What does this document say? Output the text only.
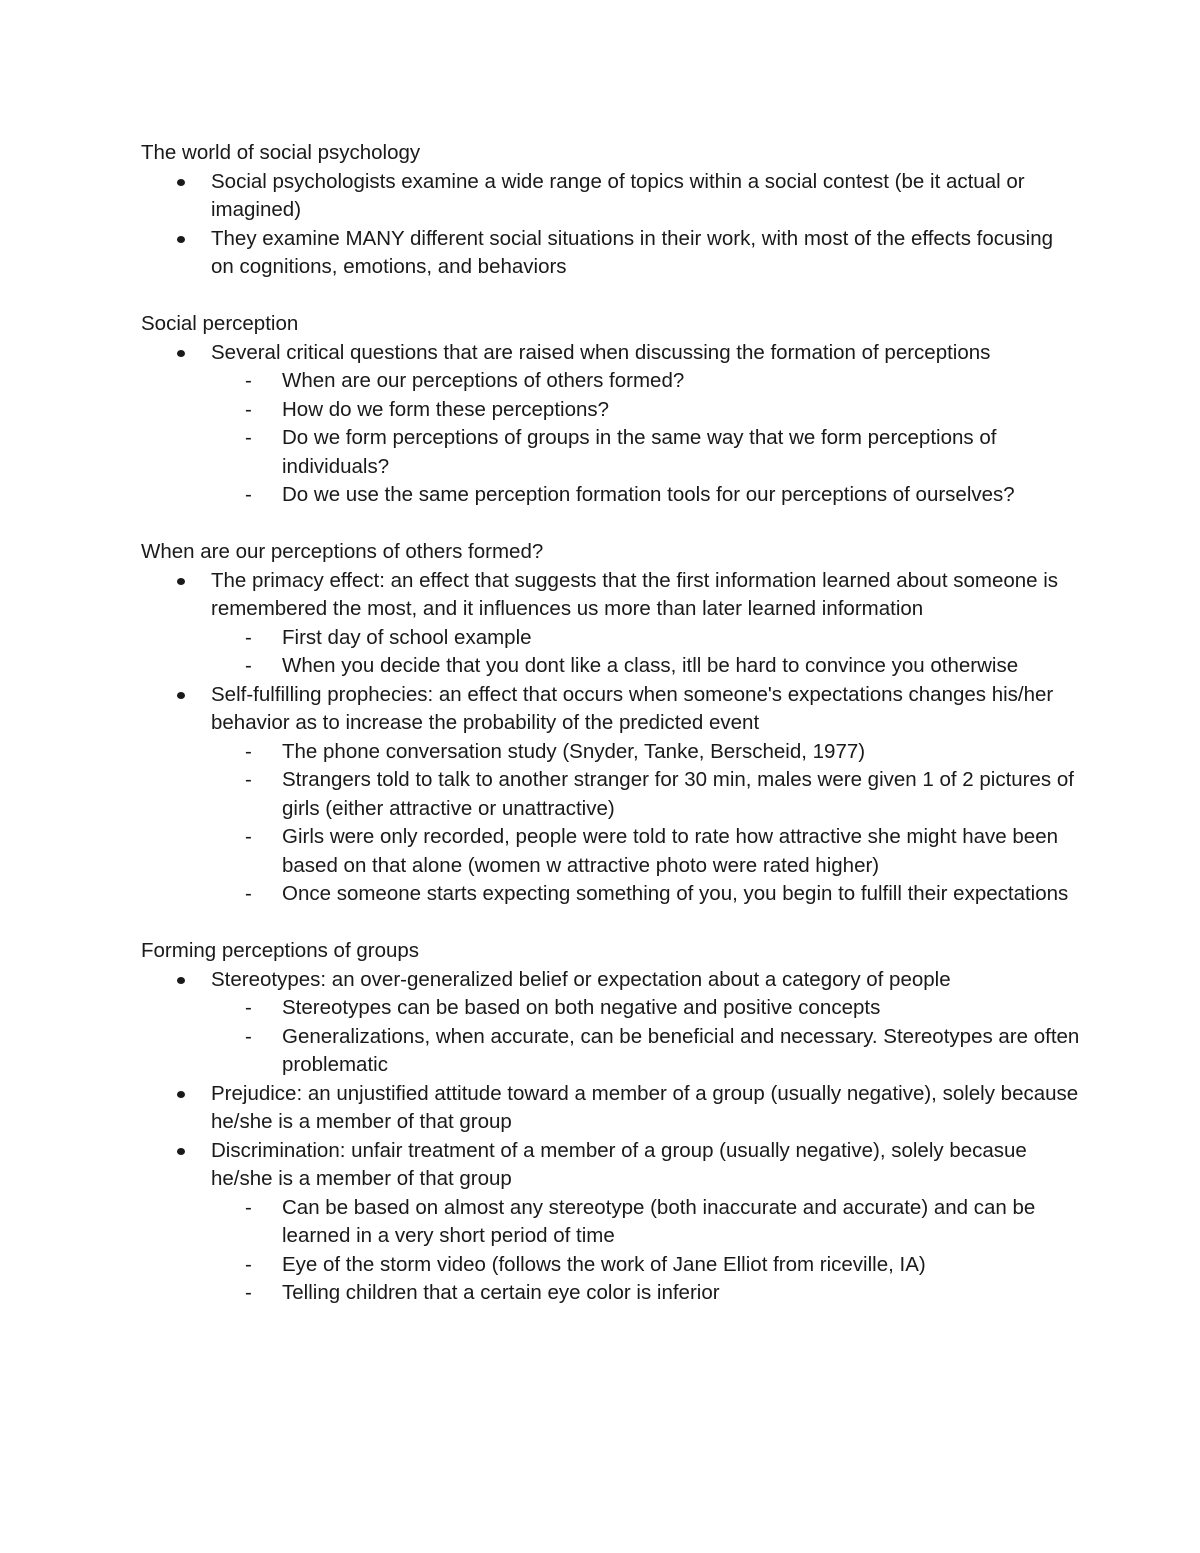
The world of social psychology
Social psychologists examine a wide range of topics within a social contest (be it actual or imagined)
They examine MANY different social situations in their work, with most of the effects focusing on cognitions, emotions, and behaviors
Social perception
Several critical questions that are raised when discussing the formation of perceptions
- When are our perceptions of others formed?
- How do we form these perceptions?
- Do we form perceptions of groups in the same way that we form perceptions of individuals?
- Do we use the same perception formation tools for our perceptions of ourselves?
When are our perceptions of others formed?
The primacy effect: an effect that suggests that the first information learned about someone is remembered the most, and it influences us more than later learned information
- First day of school example
- When you decide that you dont like a class, itll be hard to convince you otherwise
Self-fulfilling prophecies: an effect that occurs when someone's expectations changes his/her behavior as to increase the probability of the predicted event
- The phone conversation study (Snyder, Tanke, Berscheid, 1977)
- Strangers told to talk to another stranger for 30 min, males were given 1 of 2 pictures of girls (either attractive or unattractive)
- Girls were only recorded, people were told to rate how attractive she might have been based on that alone (women w attractive photo were rated higher)
- Once someone starts expecting something of you, you begin to fulfill their expectations
Forming perceptions of groups
Stereotypes: an over-generalized belief or expectation about a category of people
- Stereotypes can be based on both negative and positive concepts
- Generalizations, when accurate, can be beneficial and necessary. Stereotypes are often problematic
Prejudice: an unjustified attitude toward a member of a group (usually negative), solely because he/she is a member of that group
Discrimination: unfair treatment of a member of a group (usually negative), solely becasue he/she is a member of that group
- Can be based on almost any stereotype (both inaccurate and accurate) and can be learned in a very short period of time
- Eye of the storm video (follows the work of Jane Elliot from riceville, IA)
- Telling children that a certain eye color is inferior
